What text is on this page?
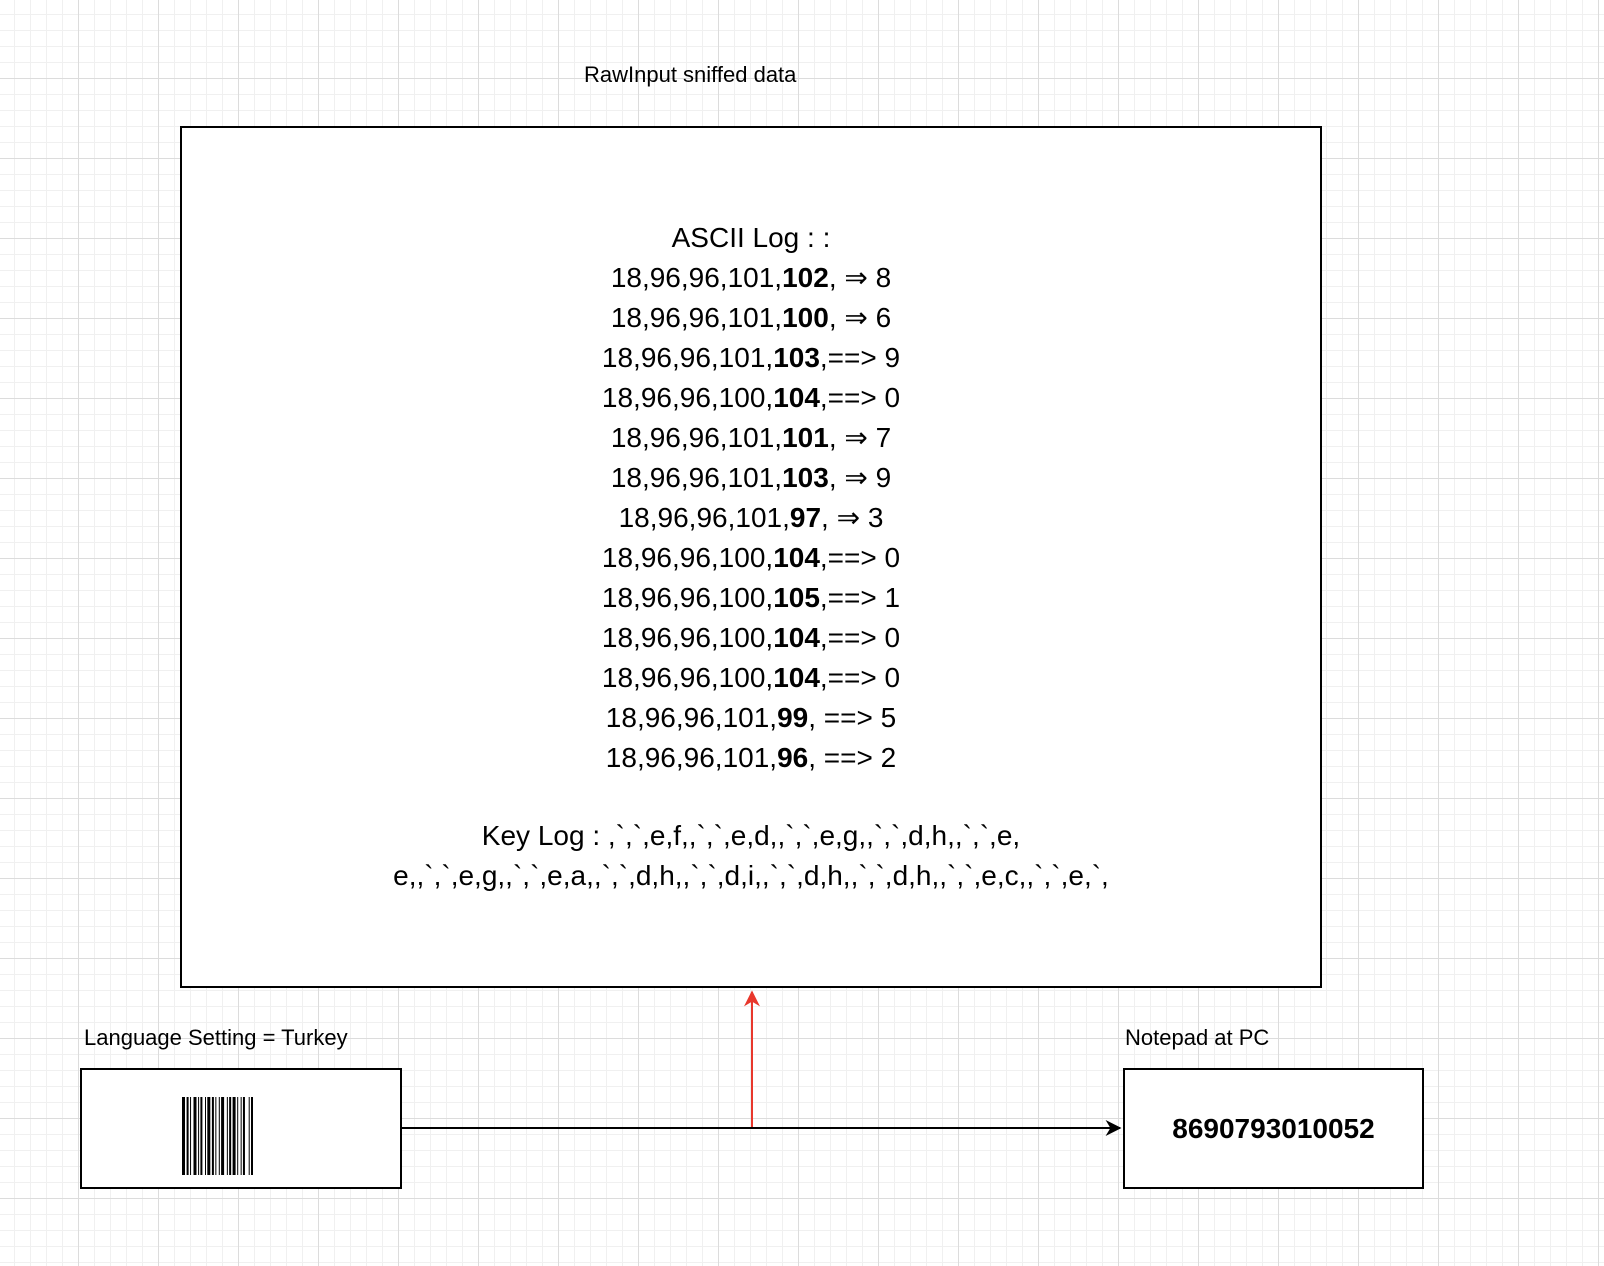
RawInput sniffed data
ASCII Log : :
18,96,96,101,102, ⇒ 8
18,96,96,101,100, ⇒ 6
18,96,96,101,103,==> 9
18,96,96,100,104,==> 0
18,96,96,101,101, ⇒ 7
18,96,96,101,103, ⇒ 9
18,96,96,101,97, ⇒ 3
18,96,96,100,104,==> 0
18,96,96,100,105,==> 1
18,96,96,100,104,==> 0
18,96,96,100,104,==> 0
18,96,96,101,99, ==> 5
18,96,96,101,96, ==> 2
Key Log : ,`,`,e,f,,`,`,e,d,,`,`,e,g,,`,`,d,h,,`,`,e,
e,,`,`,e,g,,`,`,e,a,,`,`,d,h,,`,`,d,i,,`,`,d,h,,`,`,d,h,,`,`,e,c,,`,`,e,`,
Language Setting = Turkey	Notepad at PC
8690793010052
